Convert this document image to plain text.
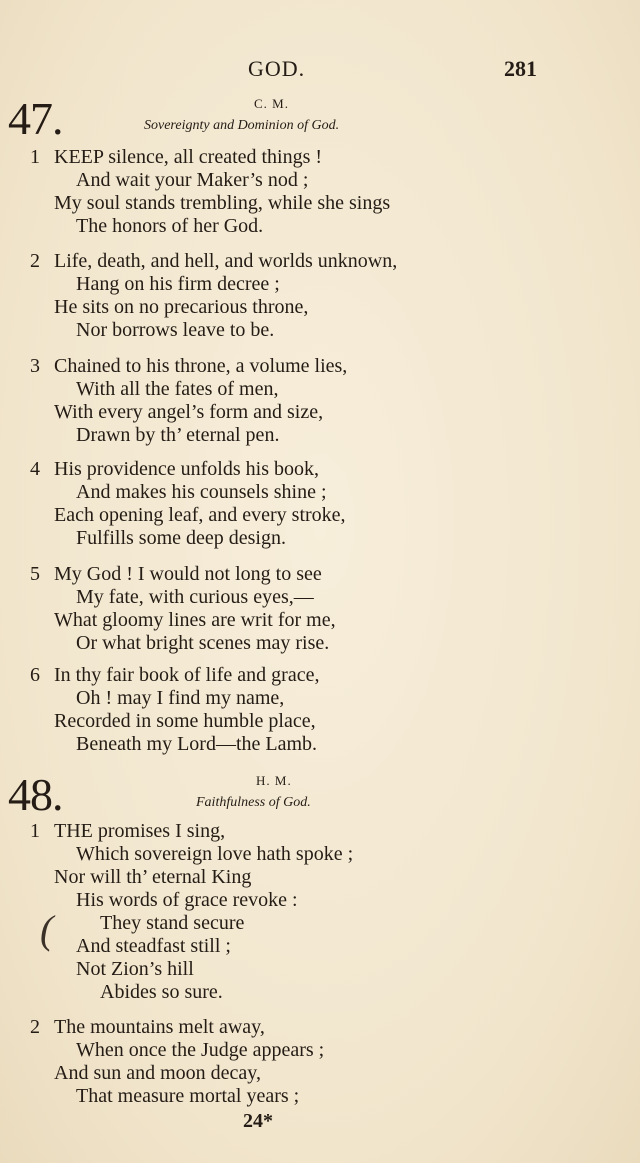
GOD.	281
47.	C. M.
Sovereignty and Dominion of God.
1 KEEP silence, all created things !
And wait your Maker’s nod ;
My soul stands trembling, while she sings
The honors of her God.
2 Life, death, and hell, and worlds unknown,
Hang on his firm decree ;
He sits on no precarious throne,
Nor borrows leave to be.
3 Chained to his throne, a volume lies,
With all the fates of men,
With every angel’s form and size,
Drawn by th’ eternal pen.
4 His providence unfolds his book,
And makes his counsels shine ;
Each opening leaf, and every stroke,
Fulfills some deep design.
5 My God ! I would not long to see
My fate, with curious eyes,—
What gloomy lines are writ for me,
Or what bright scenes may rise.
6 In thy fair book of life and grace,
Oh ! may I find my name,
Recorded in some humble place,
Beneath my Lord—the Lamb.
48.	H. M.
Faithfulness of God.
1 THE promises I sing,
Which sovereign love hath spoke ;
Nor will th’ eternal King
His words of grace revoke :
( They stand secure
And steadfast still ;
Not Zion’s hill
Abides so sure.
2 The mountains melt away,
When once the Judge appears ;
And sun and moon decay,
That measure mortal years ;
24*
